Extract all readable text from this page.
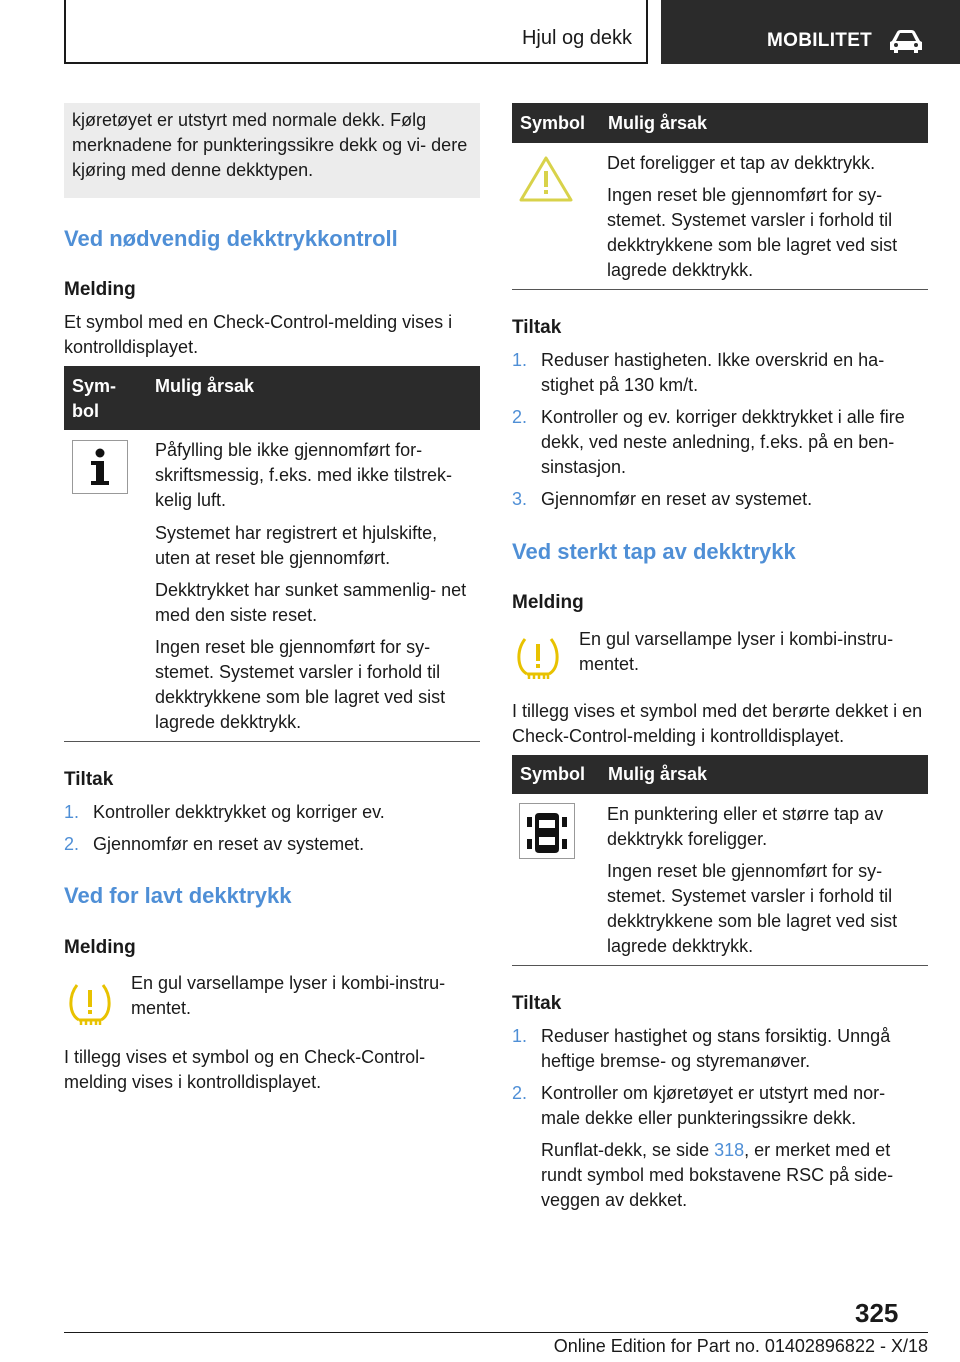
Hjul og dekk	MOBILITET
kjøretøyet er utstyrt med normale dekk. Følg merknadene for punkteringssikre dekk og vi‐ dere kjøring med denne dekktypen.
Ved nødvendig dekktrykkontroll
Melding
Et symbol med en Check-Control-melding vises i kontrolldisplayet.
Sym‐ bol
Mulig årsak
Påfylling ble ikke gjennomført for‐ skriftsmessig, f.eks. med ikke tilstrek‐ kelig luft.
Systemet har registrert et hjulskifte, uten at reset ble gjennomført.
Dekktrykket har sunket sammenlig‐ net med den siste reset.
Ingen reset ble gjennomført for sy‐ stemet. Systemet varsler i forhold til dekktrykkene som ble lagret ved sist lagrede dekktrykk.
Tiltak
1. Kontroller dekktrykket og korriger ev.
2. Gjennomfør en reset av systemet.
Ved for lavt dekktrykk
Melding
En gul varsellampe lyser i kombi-instru‐ mentet.
I tillegg vises et symbol og en Check-Control- melding vises i kontrolldisplayet.
Symbol Mulig årsak
Det foreligger et tap av dekktrykk.
Ingen reset ble gjennomført for sy‐ stemet. Systemet varsler i forhold til dekktrykkene som ble lagret ved sist lagrede dekktrykk.
Tiltak
1. Reduser hastigheten. Ikke overskrid en ha‐ stighet på 130 km/t.
2. Kontroller og ev. korriger dekktrykket i alle fire dekk, ved neste anledning, f.eks. på en ben‐ sinstasjon.
3. Gjennomfør en reset av systemet.
Ved sterkt tap av dekktrykk
Melding
En gul varsellampe lyser i kombi-instru‐ mentet.
I tillegg vises et symbol med det berørte dekket i en Check-Control-melding i kontrolldisplayet.
Symbol Mulig årsak
En punktering eller et større tap av dekktrykk foreligger.
Ingen reset ble gjennomført for sy‐ stemet. Systemet varsler i forhold til dekktrykkene som ble lagret ved sist lagrede dekktrykk.
Tiltak
1. Reduser hastighet og stans forsiktig. Unngå heftige bremse- og styremanøver.
2. Kontroller om kjøretøyet er utstyrt med nor‐ male dekke eller punkteringssikre dekk.
Runflat-dekk, se side 318, er merket med et rundt symbol med bokstavene RSC på side‐ veggen av dekket.
325
Online Edition for Part no. 01402896822 - X/18
